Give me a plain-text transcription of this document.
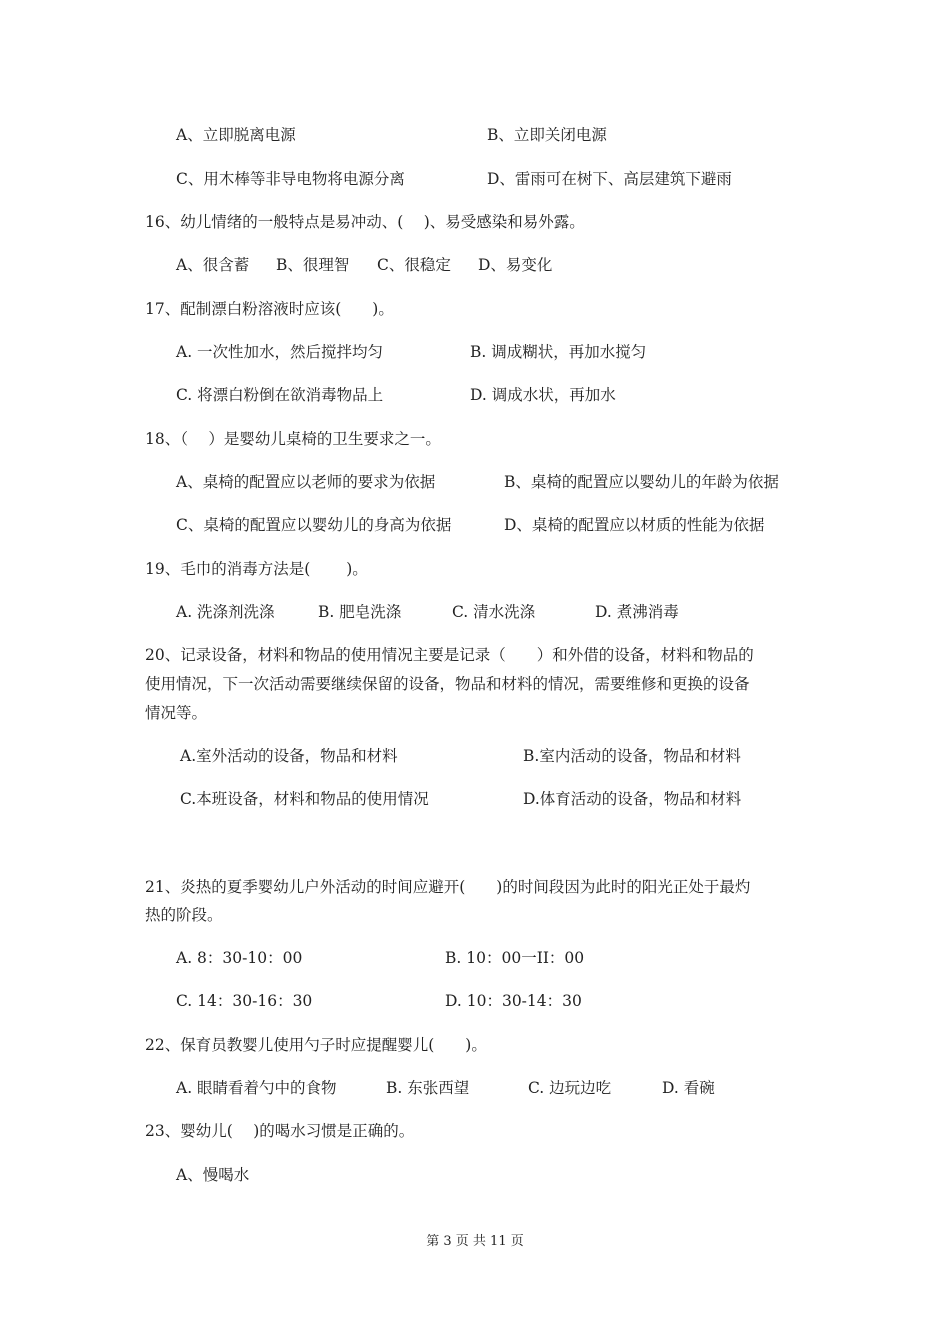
A、立即脱离电源	B、立即关闭电源
C、用木棒等非导电物将电源分离	D、雷雨可在树下、高层建筑下避雨
16、幼儿情绪的一般特点是易冲动、(　 )、易受感染和易外露。
A、很含蓄 B、很理智 C、很稳定 D、易变化
17、配制漂白粉溶液时应该(　　)。
A. 一次性加水，然后搅拌均匀	B. 调成糊状，再加水搅匀
C. 将漂白粉倒在欲消毒物品上	D. 调成水状，再加水
18、（　 ）是婴幼儿桌椅的卫生要求之一。
A、桌椅的配置应以老师的要求为依据	B、桌椅的配置应以婴幼儿的年龄为依据
C、桌椅的配置应以婴幼儿的身高为依据	D、桌椅的配置应以材质的性能为依据
19、毛巾的消毒方法是(　　 )。
A. 洗涤剂洗涤	B. 肥皂洗涤	C. 清水洗涤	D. 煮沸消毒
20、记录设备，材料和物品的使用情况主要是记录（　　）和外借的设备，材料和物品的
使用情况，下一次活动需要继续保留的设备，物品和材料的情况，需要维修和更换的设备
情况等。
A.室外活动的设备，物品和材料	B.室内活动的设备，物品和材料
C.本班设备，材料和物品的使用情况	D.体育活动的设备，物品和材料
21、炎热的夏季婴幼儿户外活动的时间应避开(　　)的时间段因为此时的阳光正处于最灼
热的阶段。
A. 8：30-10：00	B. 10：00一II：00
C. 14：30-16：30	D. 10：30-14：30
22、保育员教婴儿使用勺子时应提醒婴儿(　　)。
A. 眼睛看着勺中的食物	B. 东张西望	C. 边玩边吃	D. 看碗
23、婴幼儿(　 )的喝水习惯是正确的。
A、慢喝水
第 3 页 共 11 页
